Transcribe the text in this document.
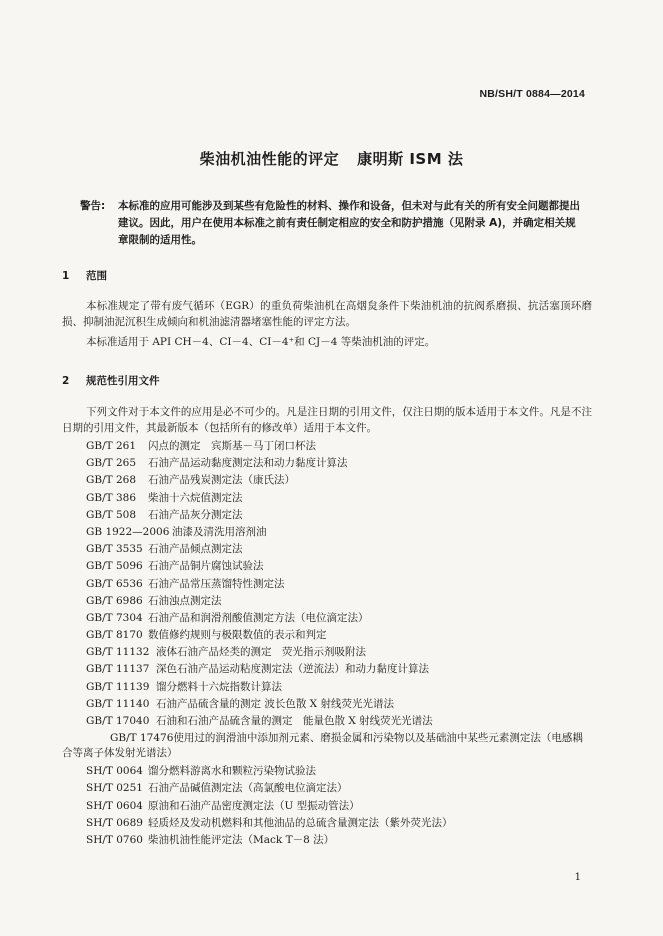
NB/SH/T 0884—2014
柴油机油性能的评定 康明斯 ISM 法
警告: 本标准的应用可能涉及到某些有危险性的材料、操作和设备，但未对与此有关的所有安全问题都提出建议。因此，用户在使用本标准之前有责任制定相应的安全和防护措施（见附录 A)，并确定相关规章限制的适用性。
1 范围
本标准规定了带有废气循环（EGR）的重负荷柴油机在高烟炱条件下柴油机油的抗阀系磨损、抗活塞顶环磨损、抑制油泥沉积生成倾向和机油滤清器堵塞性能的评定方法。
本标准适用于 API CH－4、CI－4、CI－4⁺和 CJ－4 等柴油机油的评定。
2 规范性引用文件
下列文件对于本文件的应用是必不可少的。凡是注日期的引用文件，仅注日期的版本适用于本文件。凡是不注日期的引用文件，其最新版本（包括所有的修改单）适用于本文件。
GB/T 261 闪点的测定　宾斯基－马丁闭口杯法
GB/T 265 石油产品运动黏度测定法和动力黏度计算法
GB/T 268 石油产品残炭测定法（康氏法）
GB/T 386 柴油十六烷值测定法
GB/T 508 石油产品灰分测定法
GB 1922—2006 油漆及清洗用溶剂油
GB/T 3535 石油产品倾点测定法
GB/T 5096 石油产品铜片腐蚀试验法
GB/T 6536 石油产品常压蒸馏特性测定法
GB/T 6986 石油浊点测定法
GB/T 7304 石油产品和润滑剂酸值测定方法（电位滴定法）
GB/T 8170 数值修约规则与极限数值的表示和判定
GB/T 11132 液体石油产品烃类的测定　荧光指示剂吸附法
GB/T 11137 深色石油产品运动粘度测定法（逆流法）和动力黏度计算法
GB/T 11139 馏分燃料十六烷指数计算法
GB/T 11140 石油产品硫含量的测定 波长色散 X 射线荧光光谱法
GB/T 17040 石油和石油产品硫含量的测定　能量色散 X 射线荧光光谱法
GB/T 17476使用过的润滑油中添加剂元素、磨损金属和污染物以及基础油中某些元素测定法（电感耦合等离子体发射光谱法）
SH/T 0064 馏分燃料游离水和颗粒污染物试验法
SH/T 0251 石油产品碱值测定法（高氯酸电位滴定法）
SH/T 0604 原油和石油产品密度测定法（U 型振动管法）
SH/T 0689 轻质烃及发动机燃料和其他油品的总硫含量测定法（紫外荧光法）
SH/T 0760 柴油机油性能评定法（Mack T－8 法）
1
